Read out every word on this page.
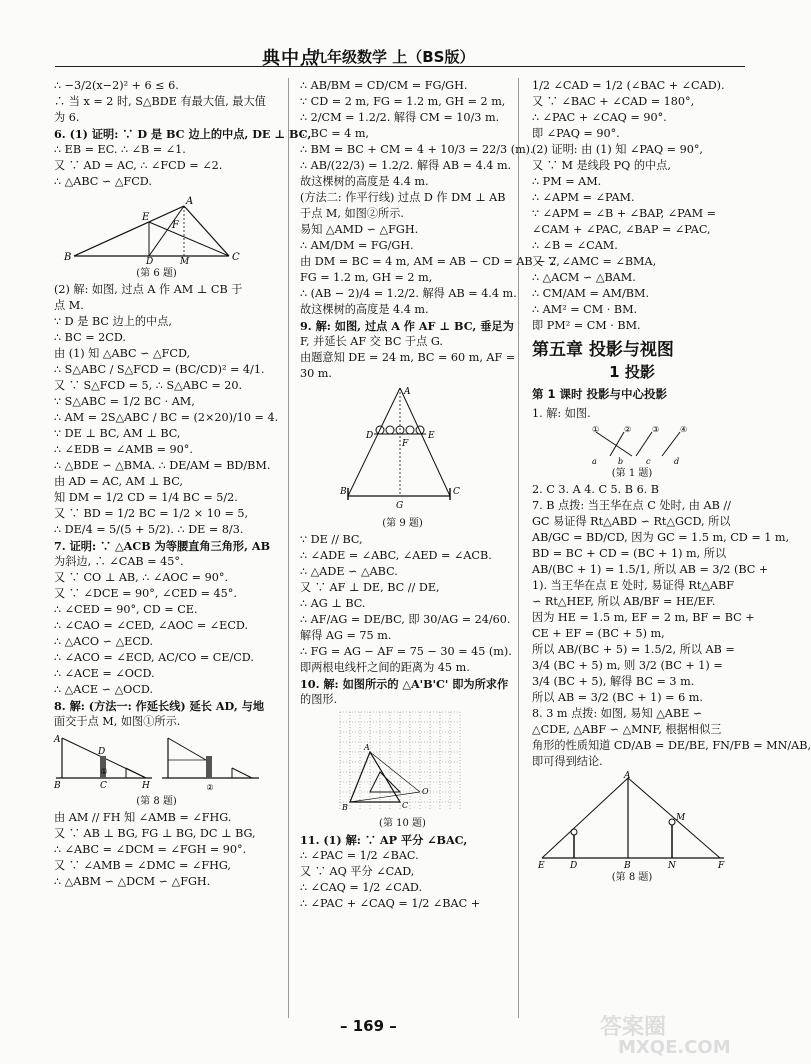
典中点
九年级数学 上（BS版）
∴ −3/2(x−2)² + 6 ≤ 6.
∴ 当 x = 2 时, S△BDE 有最大值, 最大值
为 6.
6. (1) 证明: ∵ D 是 BC 边上的中点, DE ⊥ BC,
∴ EB = EC. ∴ ∠B = ∠1.
又 ∵ AD = AC, ∴ ∠FCD = ∠2.
∴ △ABC ∽ △FCD.
B
A
C
E
F
D	M
(第 6 题)
(2) 解: 如图, 过点 A 作 AM ⊥ CB 于
点 M.
∵ D 是 BC 边上的中点,
∴ BC = 2CD.
由 (1) 知 △ABC ∽ △FCD,
∴ S△ABC / S△FCD = (BC/CD)² = 4/1.
又 ∵ S△FCD = 5, ∴ S△ABC = 20.
∵ S△ABC = 1/2 BC · AM,
∴ AM = 2S△ABC / BC = (2×20)/10 = 4.
∵ DE ⊥ BC, AM ⊥ BC,
∴ ∠EDB = ∠AMB = 90°.
∴ △BDE ∽ △BMA. ∴ DE/AM = BD/BM.
由 AD = AC, AM ⊥ BC,
知 DM = 1/2 CD = 1/4 BC = 5/2.
又 ∵ BD = 1/2 BC = 1/2 × 10 = 5,
∴ DE/4 = 5/(5 + 5/2). ∴ DE = 8/3.
7. 证明: ∵ △ACB 为等腰直角三角形, AB
为斜边, ∴ ∠CAB = 45°.
又 ∵ CO ⊥ AB, ∴ ∠AOC = 90°.
又 ∵ ∠DCE = 90°, ∠CED = 45°.
∴ ∠CED = 90°, CD = CE.
∴ ∠CAO = ∠CED, ∠AOC = ∠ECD.
∴ △ACO ∽ △ECD.
∴ ∠ACO = ∠ECD, AC/CO = CE/CD.
∴ ∠ACE = ∠OCD.
∴ △ACE ∽ △OCD.
8. 解: (方法一: 作延长线) 延长 AD, 与地
面交于点 M, 如图①所示.
A
B
D
C	H
①
②
(第 8 题)
由 AM // FH 知 ∠AMB = ∠FHG.
又 ∵ AB ⊥ BG, FG ⊥ BG, DC ⊥ BG,
∴ ∠ABC = ∠DCM = ∠FGH = 90°.
又 ∵ ∠AMB = ∠DMC = ∠FHG,
∴ △ABM ∽ △DCM ∽ △FGH.
∴ AB/BM = CD/CM = FG/GH.
∵ CD = 2 m, FG = 1.2 m, GH = 2 m,
∴ 2/CM = 1.2/2. 解得 CM = 10/3 m.
∵ BC = 4 m,
∴ BM = BC + CM = 4 + 10/3 = 22/3 (m).
∴ AB/(22/3) = 1.2/2. 解得 AB = 4.4 m.
故这棵树的高度是 4.4 m.
(方法二: 作平行线) 过点 D 作 DM ⊥ AB
于点 M, 如图②所示.
易知 △AMD ∽ △FGH.
∴ AM/DM = FG/GH.
由 DM = BC = 4 m, AM = AB − CD = AB − 2,
FG = 1.2 m, GH = 2 m,
∴ (AB − 2)/4 = 1.2/2. 解得 AB = 4.4 m.
故这棵树的高度是 4.4 m.
9. 解: 如图, 过点 A 作 AF ⊥ BC, 垂足为
F, 并延长 AF 交 BC 于点 G.
由题意知 DE = 24 m, BC = 60 m, AF =
30 m.
A
D	E
F
B	C
G
(第 9 题)
∵ DE // BC,
∴ ∠ADE = ∠ABC, ∠AED = ∠ACB.
∴ △ADE ∽ △ABC.
又 ∵ AF ⊥ DE, BC // DE,
∴ AG ⊥ BC.
∴ AF/AG = DE/BC, 即 30/AG = 24/60.
解得 AG = 75 m.
∴ FG = AG − AF = 75 − 30 = 45 (m).
即两根电线杆之间的距离为 45 m.
10. 解: 如图所示的 △A'B'C' 即为所求作
的图形.
A
B	C
O
(第 10 题)
11. (1) 解: ∵ AP 平分 ∠BAC,
∴ ∠PAC = 1/2 ∠BAC.
又 ∵ AQ 平分 ∠CAD,
∴ ∠CAQ = 1/2 ∠CAD.
∴ ∠PAC + ∠CAQ = 1/2 ∠BAC +
1/2 ∠CAD = 1/2 (∠BAC + ∠CAD).
又 ∵ ∠BAC + ∠CAD = 180°,
∴ ∠PAC + ∠CAQ = 90°.
即 ∠PAQ = 90°.
(2) 证明: 由 (1) 知 ∠PAQ = 90°,
又 ∵ M 是线段 PQ 的中点,
∴ PM = AM.
∴ ∠APM = ∠PAM.
∵ ∠APM = ∠B + ∠BAP, ∠PAM =
∠CAM + ∠PAC, ∠BAP = ∠PAC,
∴ ∠B = ∠CAM.
又 ∵ ∠AMC = ∠BMA,
∴ △ACM ∽ △BAM.
∴ CM/AM = AM/BM.
∴ AM² = CM · BM.
即 PM² = CM · BM.
第五章 投影与视图
1 投影
第 1 课时 投影与中心投影
1. 解: 如图.
①	②	③	④
a	b	c	d
(第 1 题)
2. C 3. A 4. C 5. B 6. B
7. B 点拨: 当王华在点 C 处时, 由 AB //
GC 易证得 Rt△ABD ∽ Rt△GCD, 所以
AB/GC = BD/CD, 因为 GC = 1.5 m, CD = 1 m,
BD = BC + CD = (BC + 1) m, 所以
AB/(BC + 1) = 1.5/1, 所以 AB = 3/2 (BC +
1). 当王华在点 E 处时, 易证得 Rt△ABF
∽ Rt△HEF, 所以 AB/BF = HE/EF.
因为 HE = 1.5 m, EF = 2 m, BF = BC +
CE + EF = (BC + 5) m,
所以 AB/(BC + 5) = 1.5/2, 所以 AB =
3/4 (BC + 5) m, 则 3/2 (BC + 1) =
3/4 (BC + 5), 解得 BC = 3 m.
所以 AB = 3/2 (BC + 1) = 6 m.
8. 3 m 点拨: 如图, 易知 △ABE ∽
△CDE, △ABF ∽ △MNF, 根据相似三
角形的性质知道 CD/AB = DE/BE, FN/FB = MN/AB,
即可得到结论.
A
E	D	B	N	F
M
(第 8 题)
– 169 –	答案圈
MXQE.COM
